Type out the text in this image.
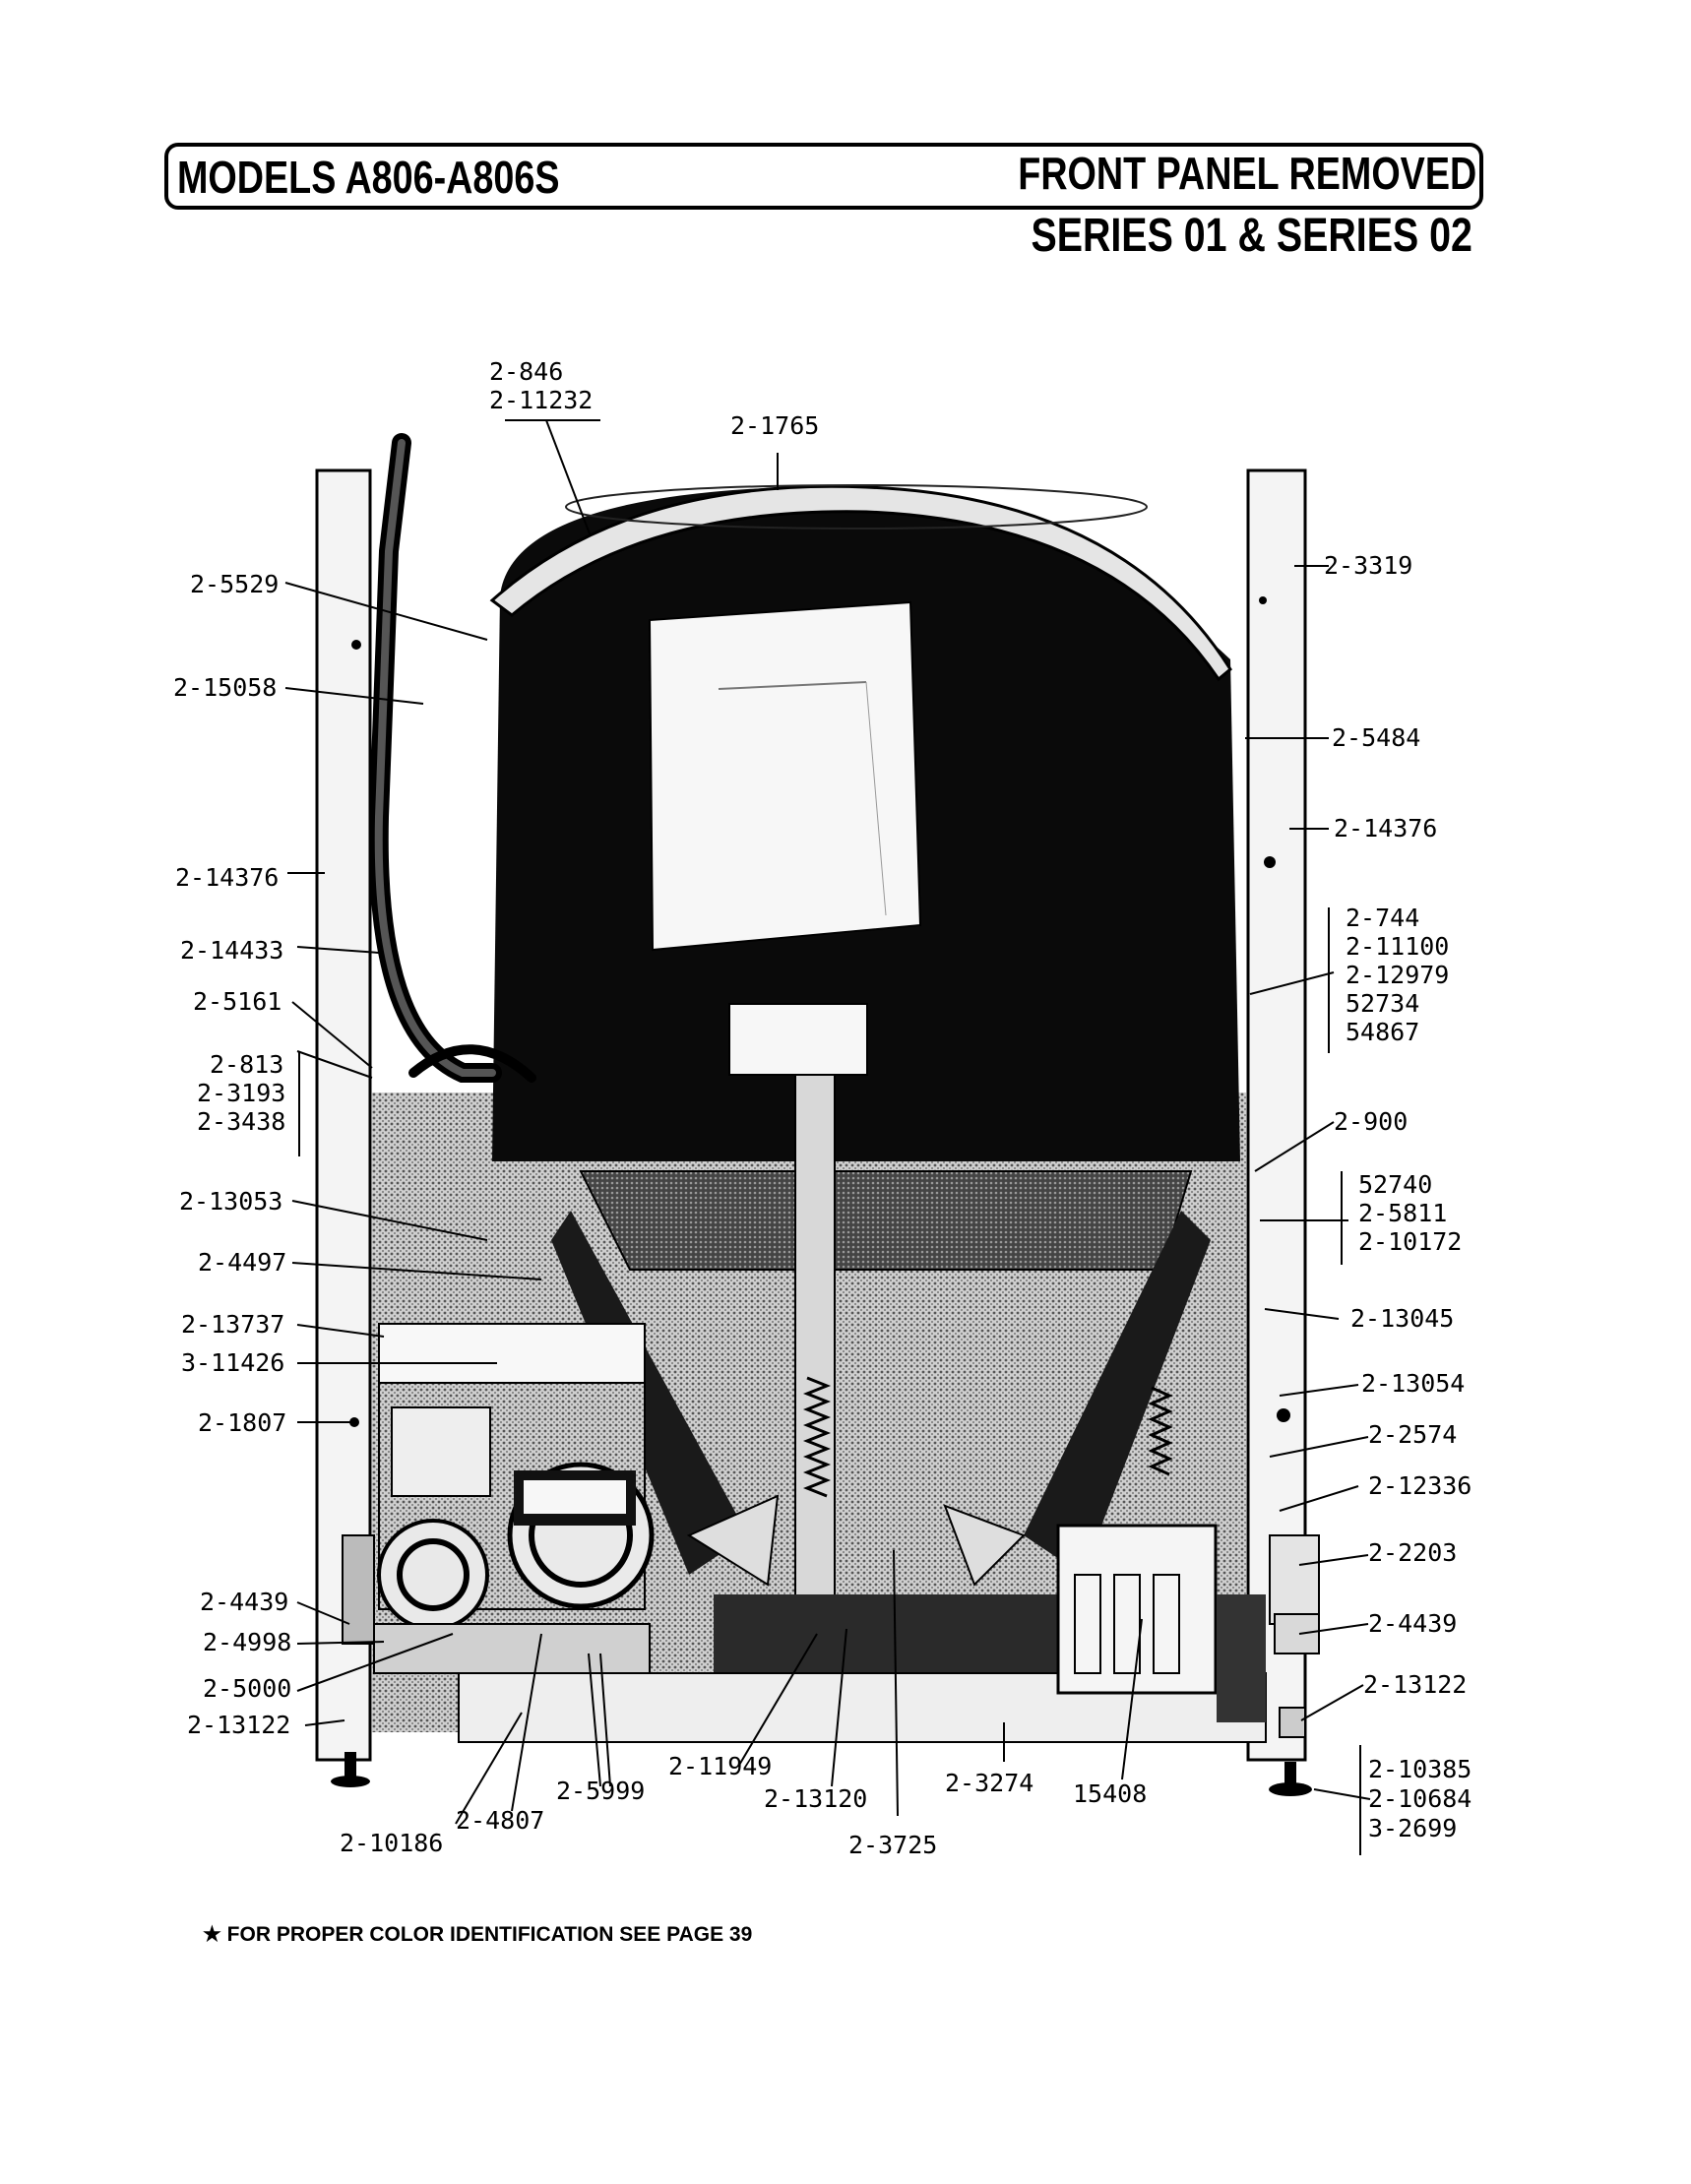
MODELS A806-A806S	FRONT PANEL REMOVED
SERIES 01 & SERIES 02
2-846
2-11232
2-1765
2-5529
2-15058
2-14376
2-14433
2-5161
2-813
2-3193
2-3438
2-13053
2-4497
2-13737
3-11426
2-1807
2-4439
2-4998
2-5000
2-13122
2-3319
2-5484
2-14376
2-744
2-11100
2-12979
52734
54867
2-900
52740
2-5811
2-10172
2-13045
2-13054
2-2574
2-12336
2-2203
2-4439
2-13122
2-10385
2-10684
3-2699
2-10186
2-4807
2-5999
2-11949
2-13120
2-3725
2-3274 15408
★ FOR PROPER COLOR IDENTIFICATION SEE PAGE 39
